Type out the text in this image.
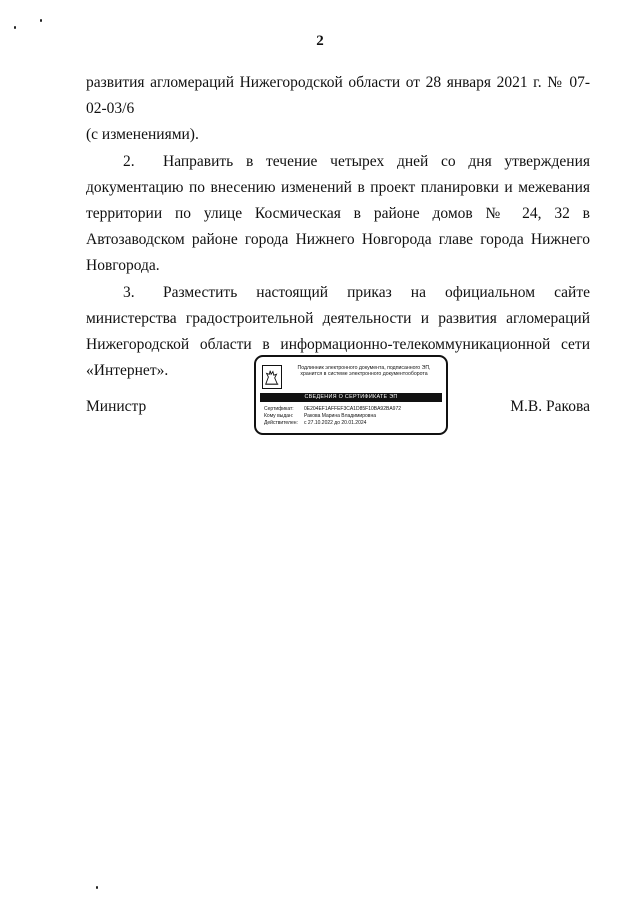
2

развития агломераций Нижегородской области от 28 января 2021 г. № 07-02-03/6
(с изменениями).

2. Направить в течение четырех дней со дня утверждения документацию по внесению изменений в проект планировки и межевания территории по улице Космическая в районе домов № 24, 32 в Автозаводском районе города Нижнего Новгорода главе города Нижнего Новгорода.

3. Разместить настоящий приказ на официальном сайте министерства градостроительной деятельности и развития агломераций Нижегородской области в информационно-телекоммуникационной сети «Интернет».

Министр	М.В. Ракова
Подлинник электронного документа, подписанного ЭП,
хранится в системе электронного документооборота
СВЕДЕНИЯ О СЕРТИФИКАТЕ ЭП
Сертификат: 0E204EF1AFFEF3CA1D85F10BA92BA972
Кому выдан: Ракова Марина Владимировна
Действителен: с 27.10.2022 до 20.01.2024
